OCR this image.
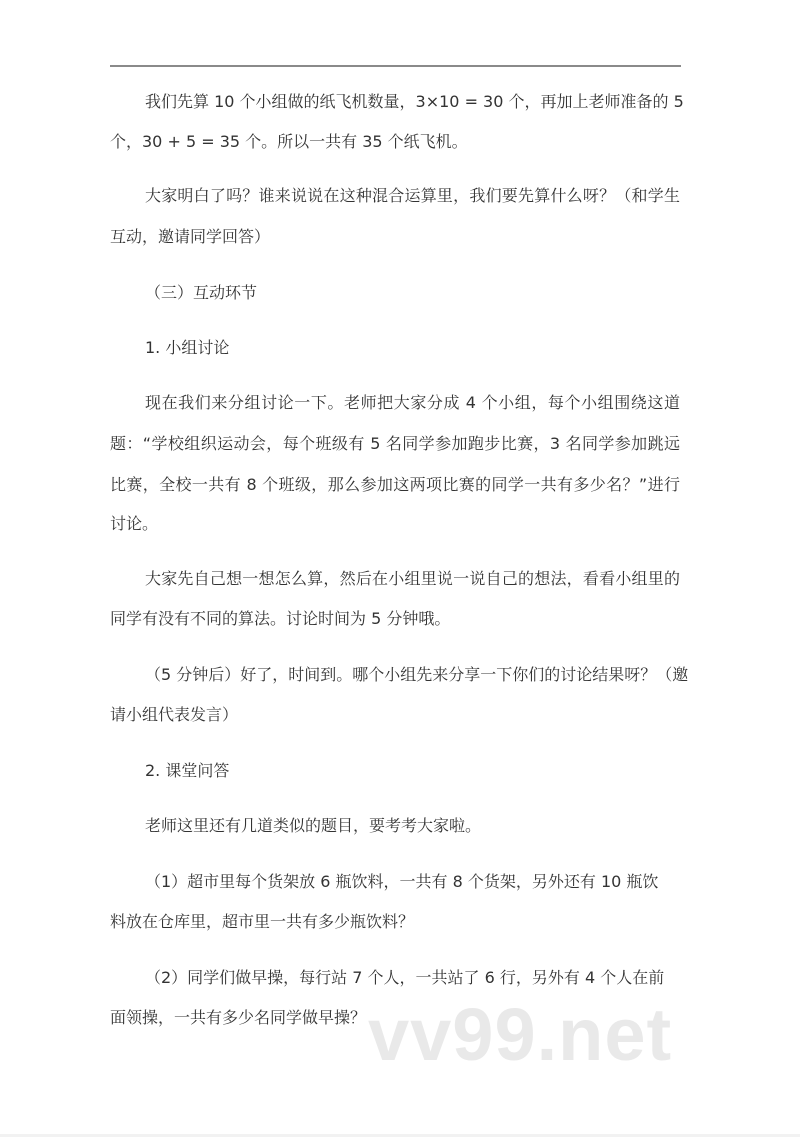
我们先算 10 个小组做的纸飞机数量，3×10 = 30 个，再加上老师准备的 5
个，30 + 5 = 35 个。所以一共有 35 个纸飞机。
大家明白了吗？谁来说说在这种混合运算里，我们要先算什么呀？（和学生
互动，邀请同学回答）
（三）互动环节
1. 小组讨论
现在我们来分组讨论一下。老师把大家分成 4 个小组，每个小组围绕这道
题：“学校组织运动会，每个班级有 5 名同学参加跑步比赛，3 名同学参加跳远
比赛，全校一共有 8 个班级，那么参加这两项比赛的同学一共有多少名？”进行
讨论。
大家先自己想一想怎么算，然后在小组里说一说自己的想法，看看小组里的
同学有没有不同的算法。讨论时间为 5 分钟哦。
（5 分钟后）好了，时间到。哪个小组先来分享一下你们的讨论结果呀？（邀
请小组代表发言）
2. 课堂问答
老师这里还有几道类似的题目，要考考大家啦。
（1）超市里每个货架放 6 瓶饮料，一共有 8 个货架，另外还有 10 瓶饮
料放在仓库里，超市里一共有多少瓶饮料？
（2）同学们做早操，每行站 7 个人，一共站了 6 行，另外有 4 个人在前
面领操，一共有多少名同学做早操？ vv99.net
